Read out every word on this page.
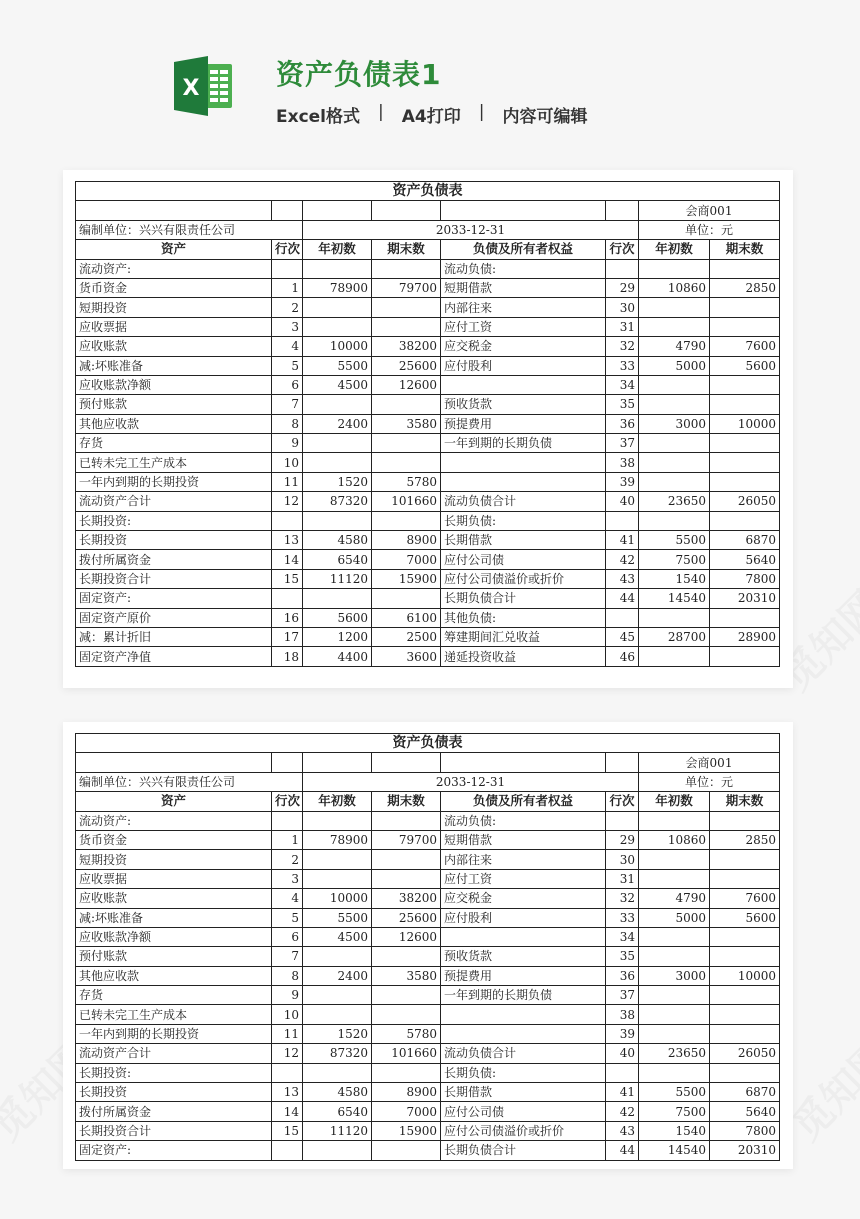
X	资产负债表1
Excel格式 | A4打印 | 内容可编辑
资产负债表							
						会商001	
编制单位：兴兴有限责任公司		2033-12-31				单位：元	
资产	行次	年初数	期末数	负债及所有者权益	行次	年初数	期末数
流动资产:				流动负债:			
货币资金	1	78900	79700	短期借款	29	10860	2850
短期投资	2			内部往来	30		
应收票据	3			应付工资	31		
应收账款	4	10000	38200	应交税金	32	4790	7600
减:坏账准备	5	5500	25600	应付股利	33	5000	5600
应收账款净额	6	4500	12600		34		
预付账款	7			预收货款	35		
其他应收款	8	2400	3580	预提费用	36	3000	10000
存货	9			一年到期的长期负债	37		
已转未完工生产成本	10				38		
一年内到期的长期投资	11	1520	5780		39		
流动资产合计	12	87320	101660	流动负债合计	40	23650	26050
长期投资:				长期负债:			
长期投资	13	4580	8900	长期借款	41	5500	6870
拨付所属资金	14	6540	7000	应付公司债	42	7500	5640
长期投资合计	15	11120	15900	应付公司债溢价或折价	43	1540	7800
固定资产:				长期负债合计	44	14540	20310
固定资产原价	16	5600	6100	其他负债:			
减：累计折旧	17	1200	2500	筹建期间汇兑收益	45	28700	28900
固定资产净值	18	4400	3600	递延投资收益	46		
资产负债表							
						会商001	
编制单位：兴兴有限责任公司		2033-12-31				单位：元	
资产	行次	年初数	期末数	负债及所有者权益	行次	年初数	期末数
流动资产:				流动负债:			
货币资金	1	78900	79700	短期借款	29	10860	2850
短期投资	2			内部往来	30		
应收票据	3			应付工资	31		
应收账款	4	10000	38200	应交税金	32	4790	7600
减:坏账准备	5	5500	25600	应付股利	33	5000	5600
应收账款净额	6	4500	12600		34		
预付账款	7			预收货款	35		
其他应收款	8	2400	3580	预提费用	36	3000	10000
存货	9			一年到期的长期负债	37		
已转未完工生产成本	10				38		
一年内到期的长期投资	11	1520	5780		39		
流动资产合计	12	87320	101660	流动负债合计	40	23650	26050
长期投资:				长期负债:			
长期投资	13	4580	8900	长期借款	41	5500	6870
拨付所属资金	14	6540	7000	应付公司债	42	7500	5640
长期投资合计	15	11120	15900	应付公司债溢价或折价	43	1540	7800
固定资产:				长期负债合计	44	14540	20310
